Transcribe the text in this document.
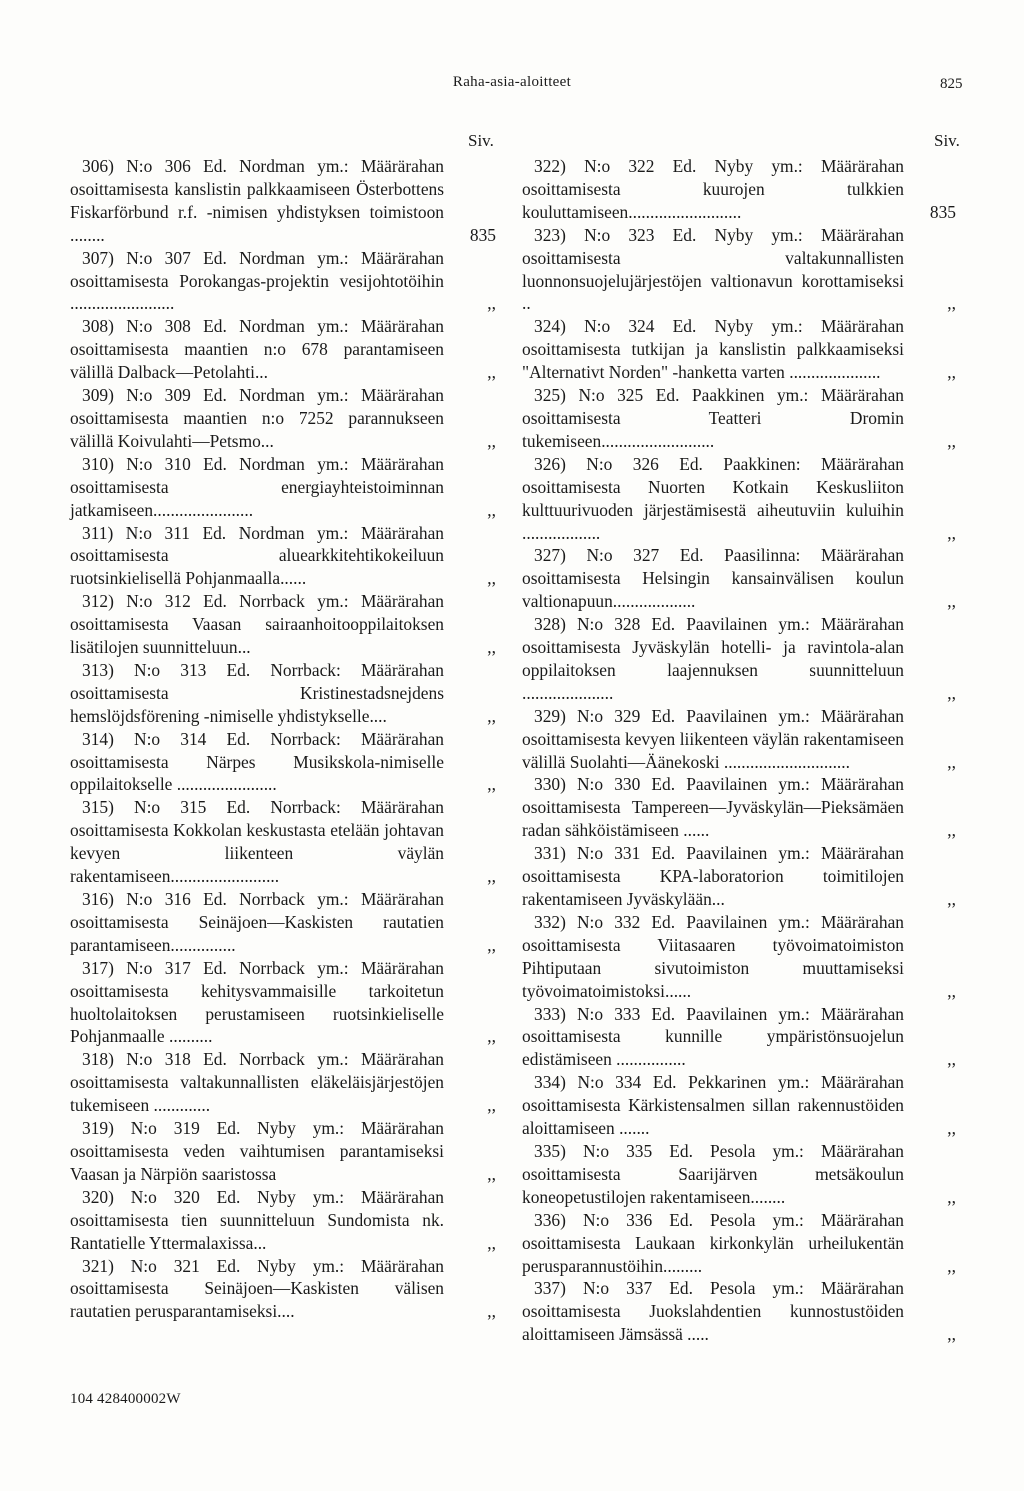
Raha-asia-aloitteet	825
Siv.
306) N:o 306 Ed. Nordman ym.: Määrärahan osoittamisesta kanslistin palkkaamiseen Österbottens Fiskarförbund r.f. -nimisen yhdistyksen toimistoon ........	835
307) N:o 307 Ed. Nordman ym.: Määrärahan osoittamisesta Porokangas-projektin vesijohtotöihin ........................	,,
308) N:o 308 Ed. Nordman ym.: Määrärahan osoittamisesta maantien n:o 678 parantamiseen välillä Dalback—Petolahti...	,,
309) N:o 309 Ed. Nordman ym.: Määrärahan osoittamisesta maantien n:o 7252 parannukseen välillä Koivulahti—Petsmo...	,,
310) N:o 310 Ed. Nordman ym.: Määrärahan osoittamisesta energiayhteistoiminnan jatkamiseen.......................	,,
311) N:o 311 Ed. Nordman ym.: Määrärahan osoittamisesta aluearkkitehtikokeiluun ruotsinkielisellä Pohjanmaalla......	,,
312) N:o 312 Ed. Norrback ym.: Määrärahan osoittamisesta Vaasan sairaanhoitooppilaitoksen lisätilojen suunnitteluun...	,,
313) N:o 313 Ed. Norrback: Määrärahan osoittamisesta Kristinestadsnejdens hemslöjdsförening -nimiselle yhdistykselle....	,,
314) N:o 314 Ed. Norrback: Määrärahan osoittamisesta Närpes Musikskola-nimiselle oppilaitokselle .......................	,,
315) N:o 315 Ed. Norrback: Määrärahan osoittamisesta Kokkolan keskustasta etelään johtavan kevyen liikenteen väylän rakentamiseen.........................	,,
316) N:o 316 Ed. Norrback ym.: Määrärahan osoittamisesta Seinäjoen—Kaskisten rautatien parantamiseen...............	,,
317) N:o 317 Ed. Norrback ym.: Määrärahan osoittamisesta kehitysvammaisille tarkoitetun huoltolaitoksen perustamiseen ruotsinkieliselle Pohjanmaalle ..........	,,
318) N:o 318 Ed. Norrback ym.: Määrärahan osoittamisesta valtakunnallisten eläkeläisjärjestöjen tukemiseen .............	,,
319) N:o 319 Ed. Nyby ym.: Määrärahan osoittamisesta veden vaihtumisen parantamiseksi Vaasan ja Närpiön saaristossa	,,
320) N:o 320 Ed. Nyby ym.: Määrärahan osoittamisesta tien suunnitteluun Sundomista nk. Rantatielle Yttermalaxissa...	,,
321) N:o 321 Ed. Nyby ym.: Määrärahan osoittamisesta Seinäjoen—Kaskisten välisen rautatien perusparantamiseksi....	,,
Siv.
322) N:o 322 Ed. Nyby ym.: Määrärahan osoittamisesta kuurojen tulkkien kouluttamiseen..........................	835
323) N:o 323 Ed. Nyby ym.: Määrärahan osoittamisesta valtakunnallisten luonnonsuojelujärjestöjen valtionavun korottamiseksi ..	,,
324) N:o 324 Ed. Nyby ym.: Määrärahan osoittamisesta tutkijan ja kanslistin palkkaamiseksi "Alternativt Norden" -hanketta varten .....................	,,
325) N:o 325 Ed. Paakkinen ym.: Määrärahan osoittamisesta Teatteri Dromin tukemiseen..........................	,,
326) N:o 326 Ed. Paakkinen: Määrärahan osoittamisesta Nuorten Kotkain Keskusliiton kulttuurivuoden järjestämisestä aiheutuviin kuluihin ..................	,,
327) N:o 327 Ed. Paasilinna: Määrärahan osoittamisesta Helsingin kansainvälisen koulun valtionapuun...................	,,
328) N:o 328 Ed. Paavilainen ym.: Määrärahan osoittamisesta Jyväskylän hotelli- ja ravintola-alan oppilaitoksen laajennuksen suunnitteluun .....................	,,
329) N:o 329 Ed. Paavilainen ym.: Määrärahan osoittamisesta kevyen liikenteen väylän rakentamiseen välillä Suolahti—Äänekoski .............................	,,
330) N:o 330 Ed. Paavilainen ym.: Määrärahan osoittamisesta Tampereen—Jyväskylän—Pieksämäen radan sähköistämiseen ......	,,
331) N:o 331 Ed. Paavilainen ym.: Määrärahan osoittamisesta KPA-laboratorion toimitilojen rakentamiseen Jyväskylään...	,,
332) N:o 332 Ed. Paavilainen ym.: Määrärahan osoittamisesta Viitasaaren työvoimatoimiston Pihtiputaan sivutoimiston muuttamiseksi työvoimatoimistoksi......	,,
333) N:o 333 Ed. Paavilainen ym.: Määrärahan osoittamisesta kunnille ympäristönsuojelun edistämiseen ................	,,
334) N:o 334 Ed. Pekkarinen ym.: Määrärahan osoittamisesta Kärkistensalmen sillan rakennustöiden aloittamiseen .......	,,
335) N:o 335 Ed. Pesola ym.: Määrärahan osoittamisesta Saarijärven metsäkoulun koneopetustilojen rakentamiseen........	,,
336) N:o 336 Ed. Pesola ym.: Määrärahan osoittamisesta Laukaan kirkonkylän urheilukentän perusparannustöihin.........	,,
337) N:o 337 Ed. Pesola ym.: Määrärahan osoittamisesta Juokslahdentien kunnostustöiden aloittamiseen Jämsässä .....	,,
104 428400002W
